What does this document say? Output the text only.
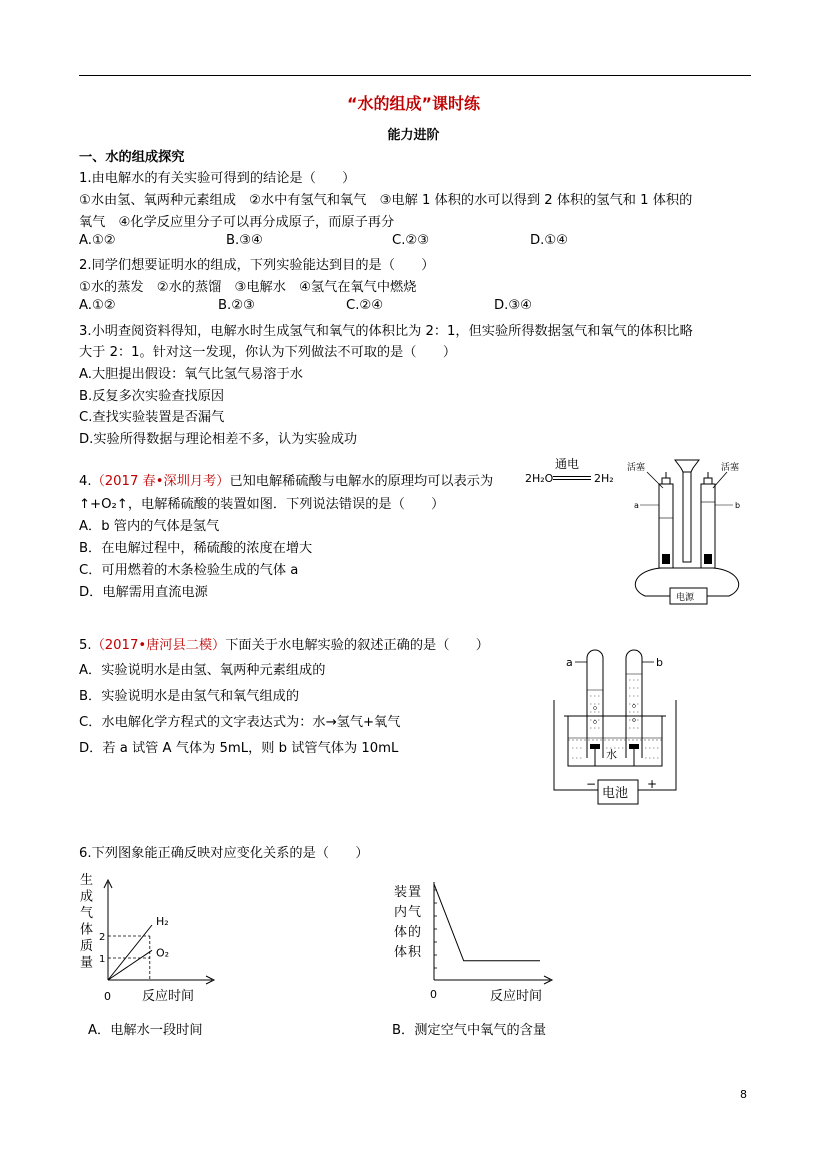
“水的组成”课时练
能力进阶
一、水的组成探究
1.由电解水的有关实验可得到的结论是（　　）
①水由氢、氧两种元素组成　②水中有氢气和氧气　③电解 1 体积的水可以得到 2 体积的氢气和 1 体积的
氧气　④化学反应里分子可以再分成原子，而原子再分
A.①②	B.③④	C.②③	D.①④
2.同学们想要证明水的组成，下列实验能达到目的是（　　）
①水的蒸发　②水的蒸馏　③电解水　④氢气在氧气中燃烧
A.①②	B.②③	C.②④	D.③④
3.小明查阅资料得知，电解水时生成氢气和氧气的体积比为 2：1，但实验所得数据氢气和氧气的体积比略
大于 2：1。针对这一发现，你认为下列做法不可取的是（　　）
A.大胆提出假设：氧气比氢气易溶于水
B.反复多次实验查找原因
C.查找实验装置是否漏气
D.实验所得数据与理论相差不多，认为实验成功
4.（2017 春•深圳月考）已知电解稀硫酸与电解水的原理均可以表示为	2H₂O
通电
2H₂
↑+O₂↑，电解稀硫酸的装置如图．下列说法错误的是（　　）
A．b 管内的气体是氢气
B．在电解过程中，稀硫酸的浓度在增大
C．可用燃着的木条检验生成的气体 a
D．电解需用直流电源
活塞	活塞
a	b
电源
5.（2017•唐河县二模）下面关于水电解实验的叙述正确的是（　　）
A．实验说明水是由氢、氧两种元素组成的
B．实验说明水是由氢气和氧气组成的
C．水电解化学方程式的文字表达式为：水→氢气+氧气
D．若 a 试管 A 气体为 5mL，则 b 试管气体为 10mL
a	b
水
电池
−	+
6.下列图象能正确反映对应变化关系的是（　　）
生
成
气
体
质
量 1
2
H₂
O₂
0 反应时间
装 置
内 气
体 的
体 积
0	反应时间
A．电解水一段时间	B．测定空气中氧气的含量
8
